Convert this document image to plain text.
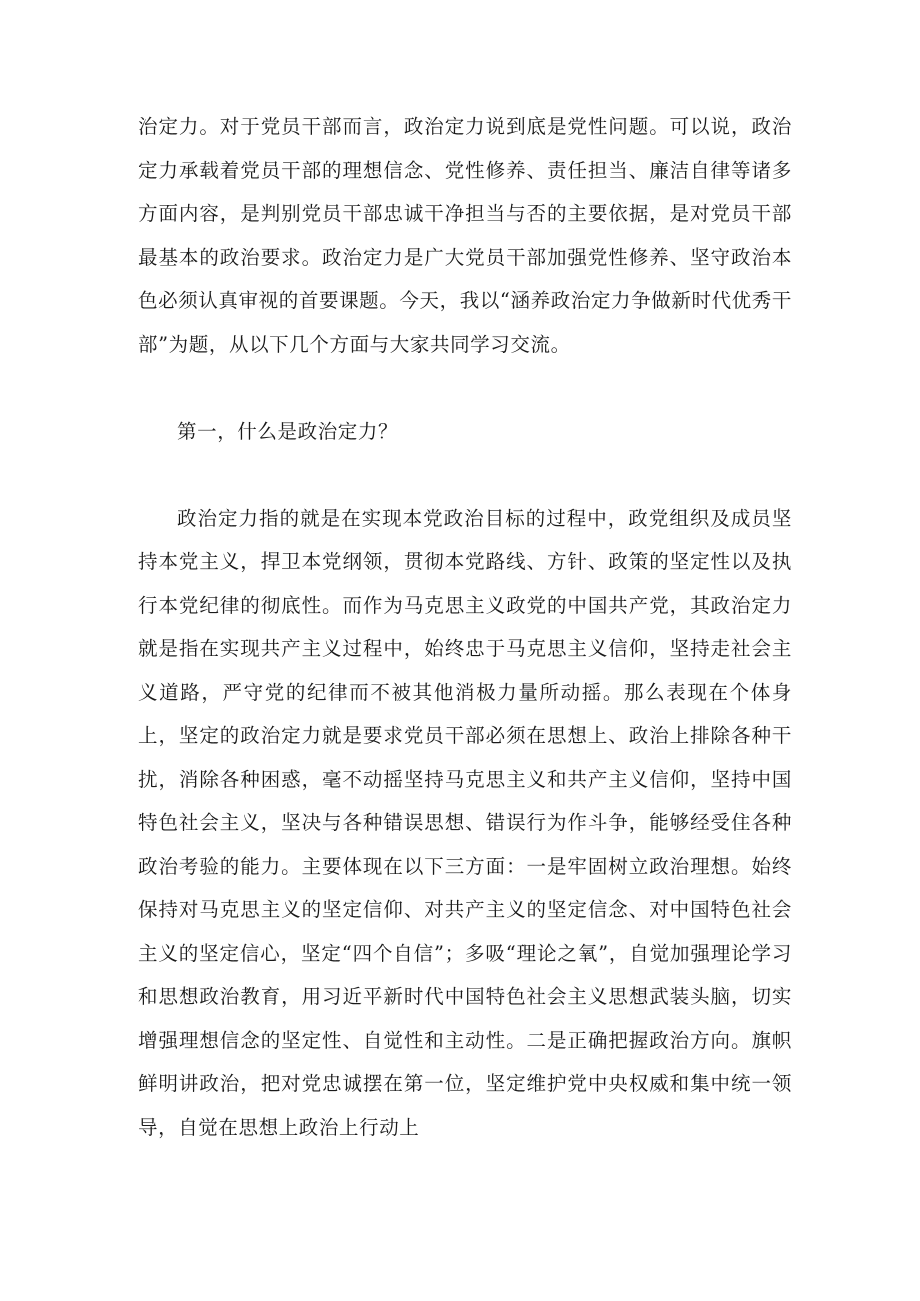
治定力。对于党员干部而言，政治定力说到底是党性问题。可以说，政治定力承载着党员干部的理想信念、党性修养、责任担当、廉洁自律等诸多方面内容，是判别党员干部忠诚干净担当与否的主要依据，是对党员干部最基本的政治要求。政治定力是广大党员干部加强党性修养、坚守政治本色必须认真审视的首要课题。今天，我以“涵养政治定力争做新时代优秀干部”为题，从以下几个方面与大家共同学习交流。

第一，什么是政治定力？

政治定力指的就是在实现本党政治目标的过程中，政党组织及成员坚持本党主义，捍卫本党纲领，贯彻本党路线、方针、政策的坚定性以及执行本党纪律的彻底性。而作为马克思主义政党的中国共产党，其政治定力就是指在实现共产主义过程中，始终忠于马克思主义信仰，坚持走社会主义道路，严守党的纪律而不被其他消极力量所动摇。那么表现在个体身上，坚定的政治定力就是要求党员干部必须在思想上、政治上排除各种干扰，消除各种困惑，毫不动摇坚持马克思主义和共产主义信仰，坚持中国特色社会主义，坚决与各种错误思想、错误行为作斗争，能够经受住各种政治考验的能力。主要体现在以下三方面：一是牢固树立政治理想。始终保持对马克思主义的坚定信仰、对共产主义的坚定信念、对中国特色社会主义的坚定信心，坚定“四个自信”；多吸“理论之氧”，自觉加强理论学习和思想政治教育，用习近平新时代中国特色社会主义思想武装头脑，切实增强理想信念的坚定性、自觉性和主动性。二是正确把握政治方向。旗帜鲜明讲政治，把对党忠诚摆在第一位，坚定维护党中央权威和集中统一领导，自觉在思想上政治上行动上
